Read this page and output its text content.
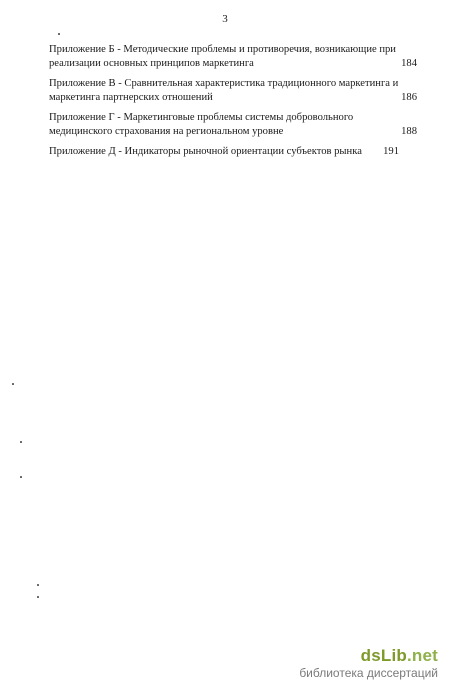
3
Приложение Б - Методические проблемы и противоречия, возникающие при
реализации основных принципов маркетинга	184
Приложение В - Сравнительная характеристика традиционного маркетинга и
маркетинга партнерских отношений	186
Приложение Г - Маркетинговые проблемы системы добровольного
медицинского страхования на региональном уровне	188
Приложение Д - Индикаторы рыночной ориентации субъектов рынка 191
dsLib.net
библиотека диссертаций
